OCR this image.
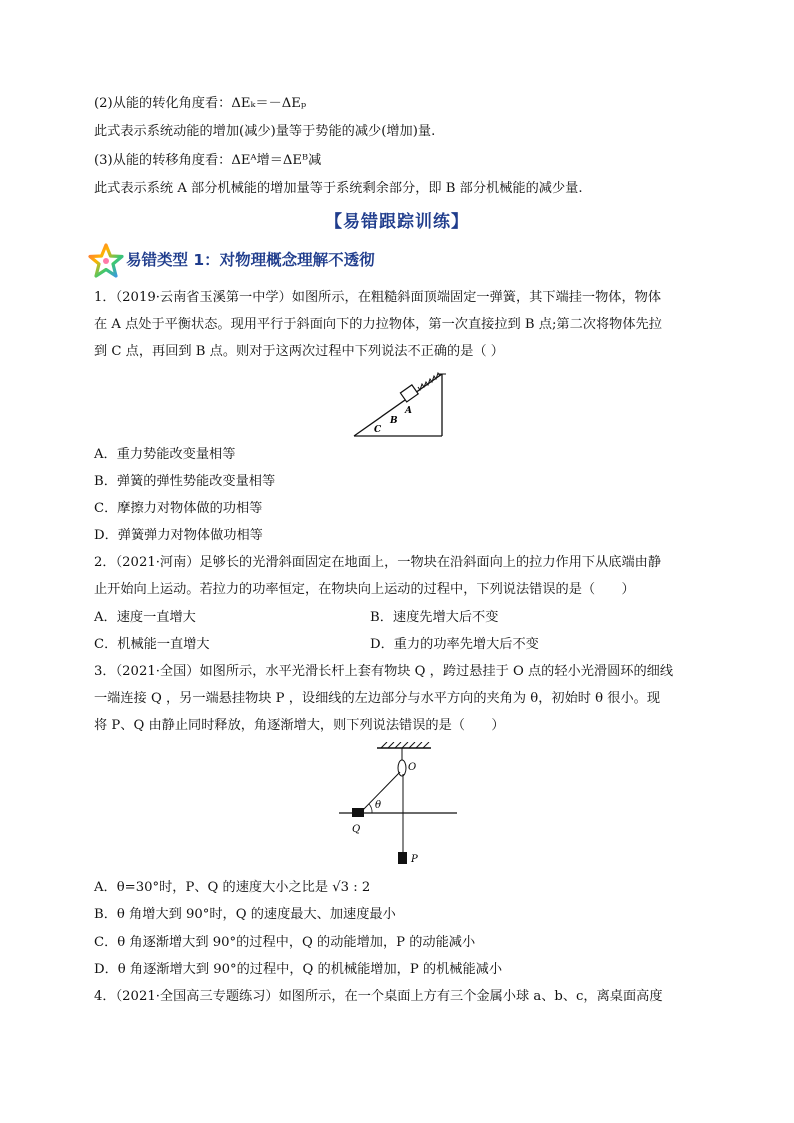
(2)从能的转化角度看：ΔEₖ＝－ΔEₚ
此式表示系统动能的增加(减少)量等于势能的减少(增加)量.
(3)从能的转移角度看：ΔEᴬ增＝ΔEᴮ减
此式表示系统 A 部分机械能的增加量等于系统剩余部分，即 B 部分机械能的减少量.
【易错跟踪训练】
易错类型 1：对物理概念理解不透彻
1．（2019·云南省玉溪第一中学）如图所示，在粗糙斜面顶端固定一弹簧，其下端挂一物体，物体
在 A 点处于平衡状态。现用平行于斜面向下的力拉物体，第一次直接拉到 B 点;第二次将物体先拉
到 C 点，再回到 B 点。则对于这两次过程中下列说法不正确的是（ ）
A
B
C
A．重力势能改变量相等
B．弹簧的弹性势能改变量相等
C．摩擦力对物体做的功相等
D．弹簧弹力对物体做功相等
2．（2021·河南）足够长的光滑斜面固定在地面上，一物块在沿斜面向上的拉力作用下从底端由静
止开始向上运动。若拉力的功率恒定，在物块向上运动的过程中，下列说法错误的是（　　）
A．速度一直增大	B．速度先增大后不变
C．机械能一直增大	D．重力的功率先增大后不变
3．（2021·全国）如图所示，水平光滑长杆上套有物块 Q ，跨过悬挂于 O 点的轻小光滑圆环的细线
一端连接 Q ，另一端悬挂物块 P ，设细线的左边部分与水平方向的夹角为 θ，初始时 θ 很小。现
将 P、Q 由静止同时释放，角逐渐增大，则下列说法错误的是（　　）
O
Q
θ
P
A．θ=30°时，P、Q 的速度大小之比是 √3 : 2
B．θ 角增大到 90°时，Q 的速度最大、加速度最小
C．θ 角逐渐增大到 90°的过程中，Q 的动能增加，P 的动能减小
D．θ 角逐渐增大到 90°的过程中，Q 的机械能增加，P 的机械能减小
4．（2021·全国高三专题练习）如图所示，在一个桌面上方有三个金属小球 a、b、c，离桌面高度
